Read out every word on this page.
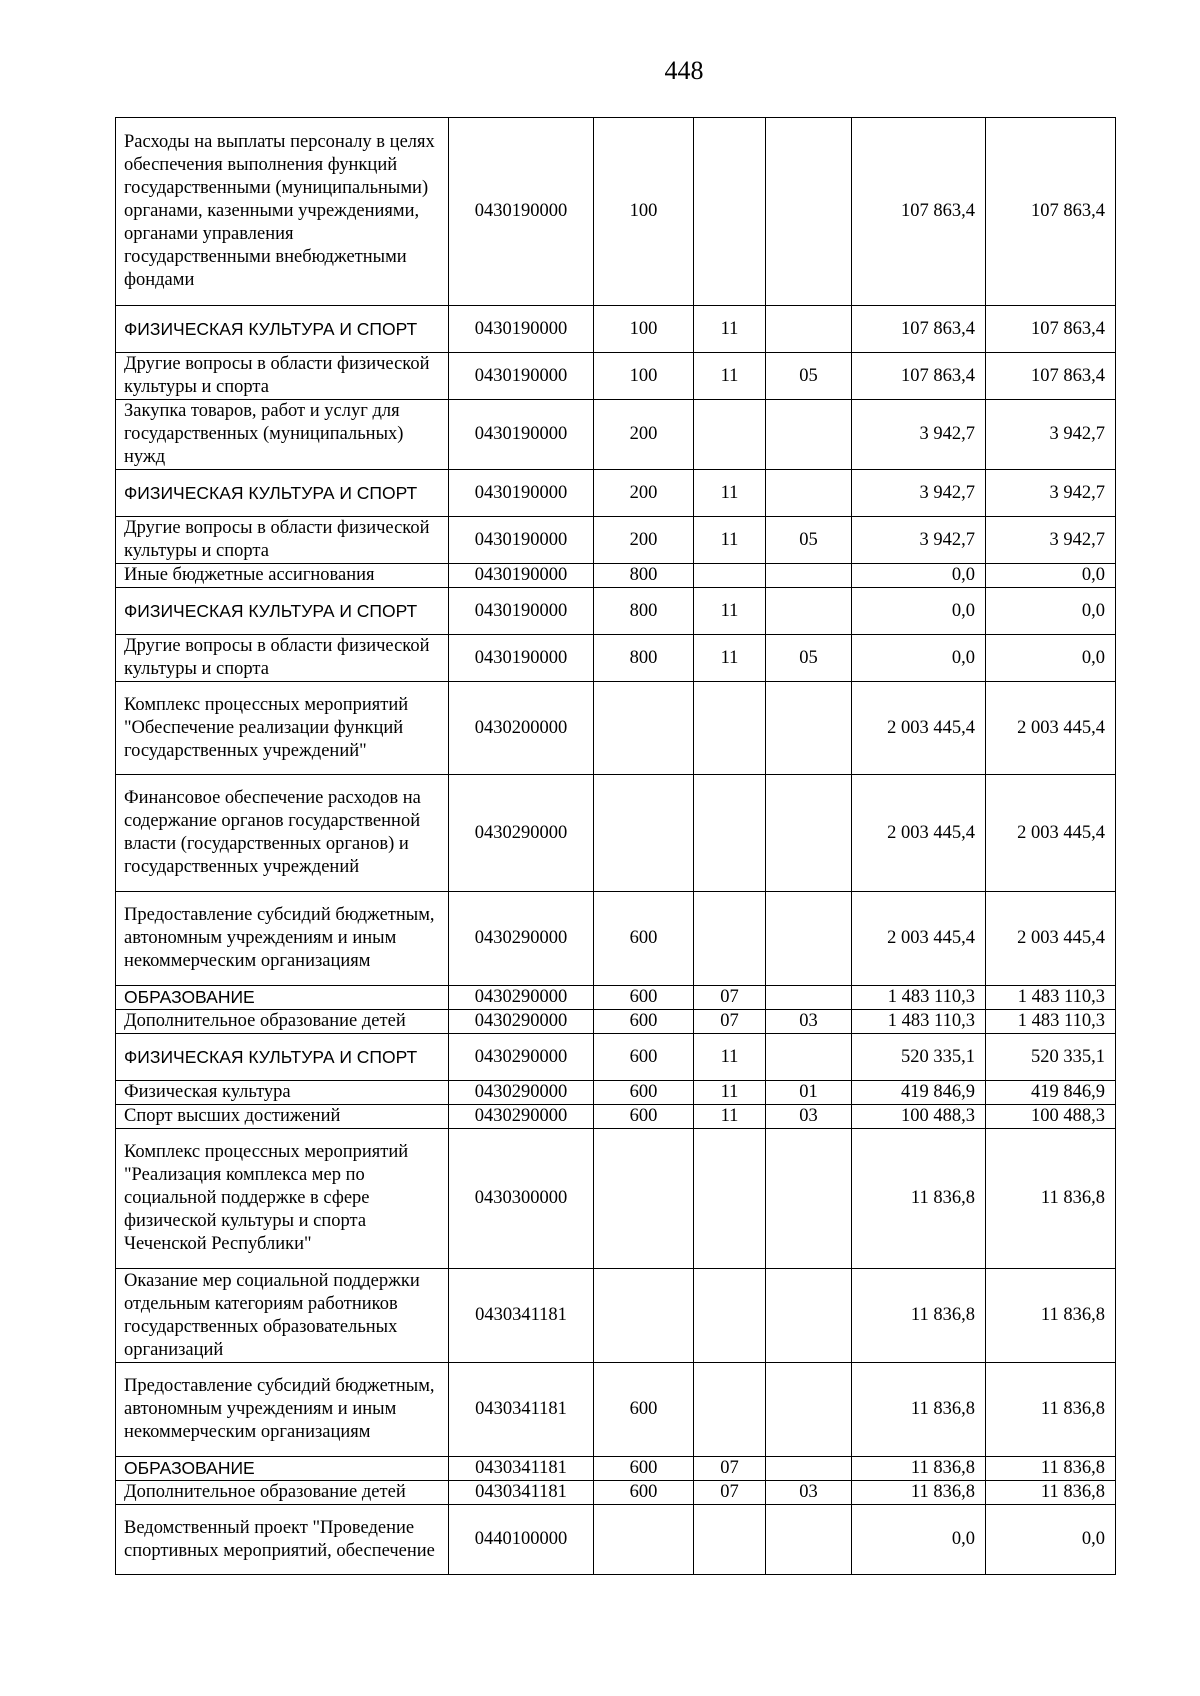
448
Расходы на выплаты персоналу в целях обеспечения выполнения функций государственными (муниципальными) органами, казенными учреждениями, органами управления государственными внебюджетными фондами	0430190000	100			107 863,4	107 863,4
ФИЗИЧЕСКАЯ КУЛЬТУРА И СПОРТ	0430190000	100	11		107 863,4	107 863,4
Другие вопросы в области физической культуры и спорта	0430190000	100	11	05	107 863,4	107 863,4
Закупка товаров, работ и услуг для государственных (муниципальных) нужд	0430190000	200			3 942,7	3 942,7
ФИЗИЧЕСКАЯ КУЛЬТУРА И СПОРТ	0430190000	200	11		3 942,7	3 942,7
Другие вопросы в области физической культуры и спорта	0430190000	200	11	05	3 942,7	3 942,7
Иные бюджетные ассигнования	0430190000	800			0,0	0,0
ФИЗИЧЕСКАЯ КУЛЬТУРА И СПОРТ	0430190000	800	11		0,0	0,0
Другие вопросы в области физической культуры и спорта	0430190000	800	11	05	0,0	0,0
Комплекс процессных мероприятий "Обеспечение реализации функций государственных учреждений"	0430200000				2 003 445,4	2 003 445,4
Финансовое обеспечение расходов на содержание органов государственной власти (государственных органов) и государственных учреждений	0430290000				2 003 445,4	2 003 445,4
Предоставление субсидий бюджетным, автономным учреждениям и иным некоммерческим организациям	0430290000	600			2 003 445,4	2 003 445,4
ОБРАЗОВАНИЕ	0430290000	600	07		1 483 110,3	1 483 110,3
Дополнительное образование детей	0430290000	600	07	03	1 483 110,3	1 483 110,3
ФИЗИЧЕСКАЯ КУЛЬТУРА И СПОРТ	0430290000	600	11		520 335,1	520 335,1
Физическая культура	0430290000	600	11	01	419 846,9	419 846,9
Спорт высших достижений	0430290000	600	11	03	100 488,3	100 488,3
Комплекс процессных мероприятий "Реализация комплекса мер по социальной поддержке в сфере физической культуры и спорта Чеченской Республики"	0430300000				11 836,8	11 836,8
Оказание мер социальной поддержки отдельным категориям работников государственных образовательных организаций	0430341181				11 836,8	11 836,8
Предоставление субсидий бюджетным, автономным учреждениям и иным некоммерческим организациям	0430341181	600			11 836,8	11 836,8
ОБРАЗОВАНИЕ	0430341181	600	07		11 836,8	11 836,8
Дополнительное образование детей	0430341181	600	07	03	11 836,8	11 836,8
Ведомственный проект "Проведение спортивных мероприятий, обеспечение	0440100000				0,0	0,0
